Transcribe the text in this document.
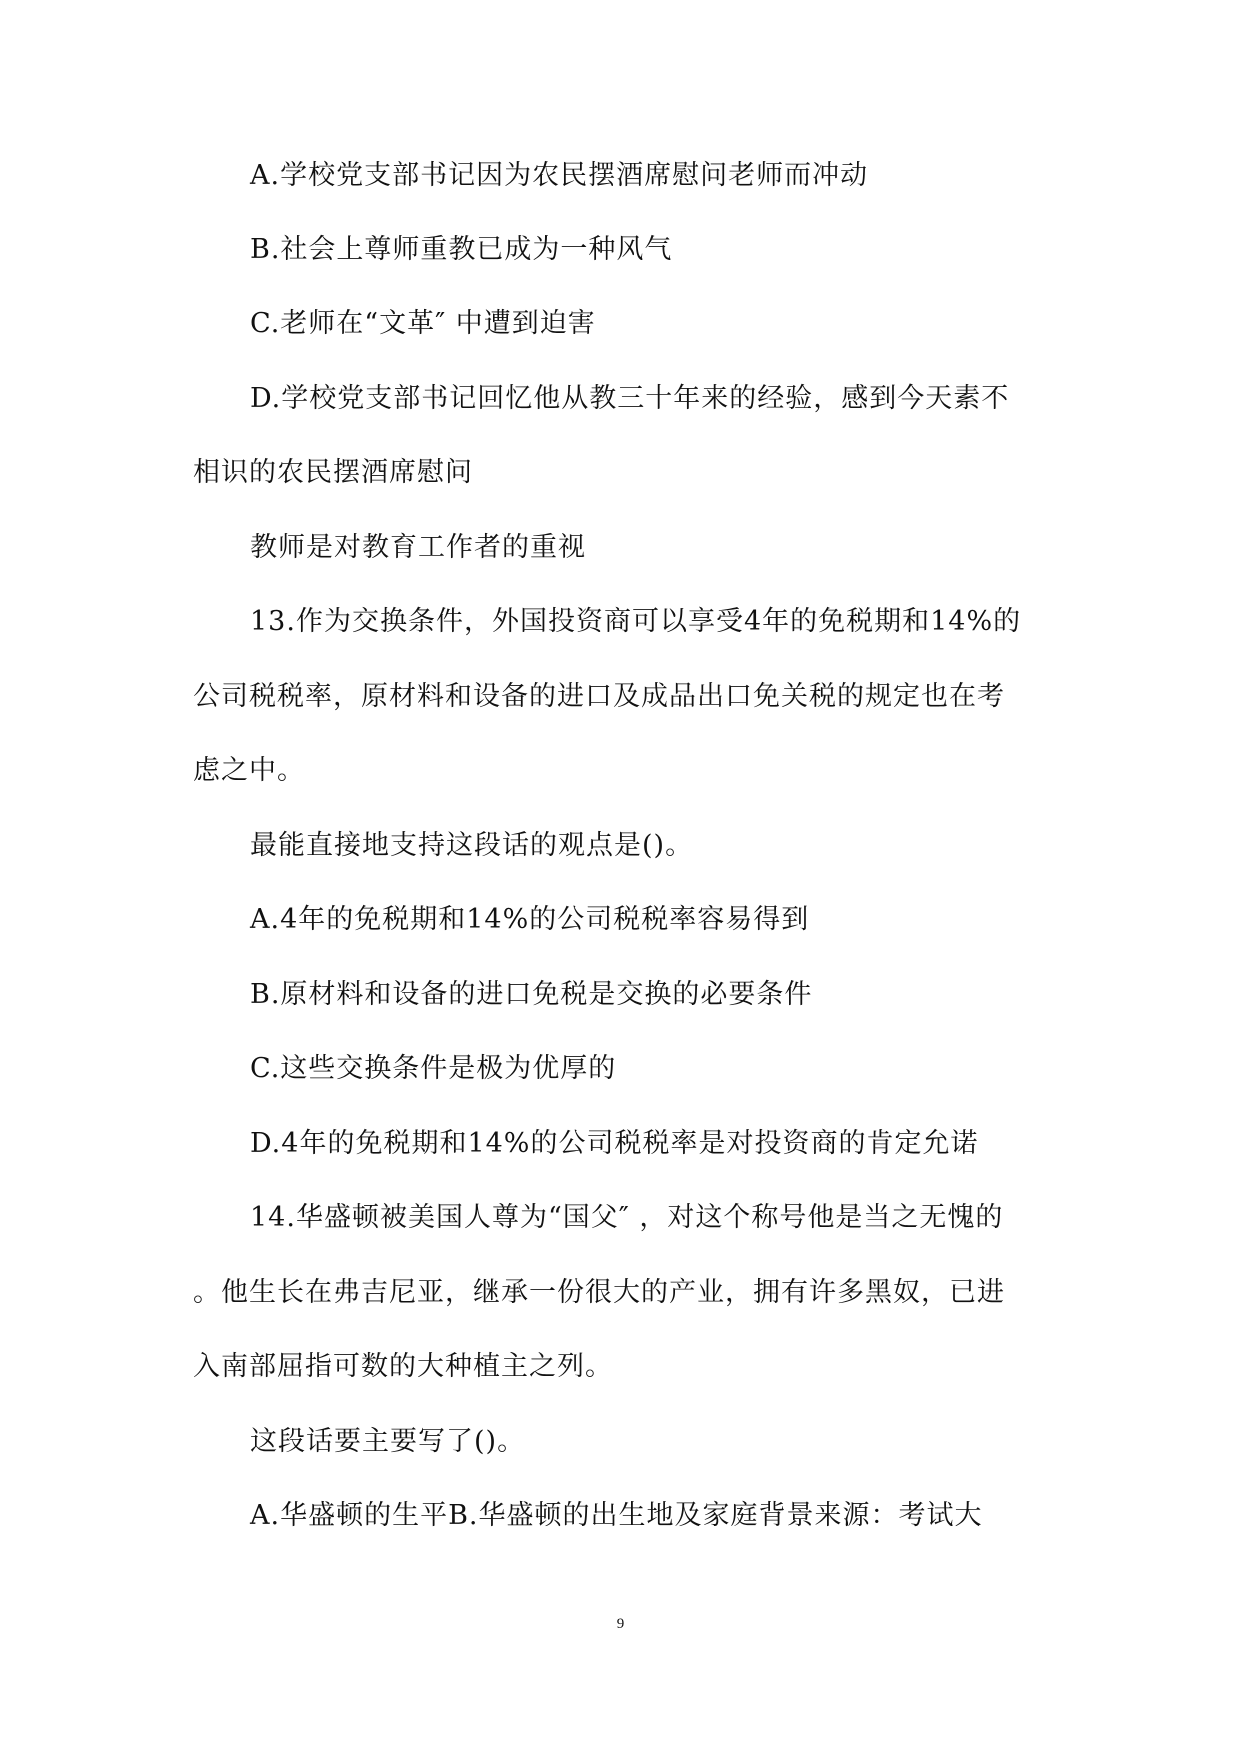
A.学校党支部书记因为农民摆酒席慰问老师而冲动
B.社会上尊师重教已成为一种风气
C.老师在“文革″ 中遭到迫害
D.学校党支部书记回忆他从教三十年来的经验，感到今天素不
相识的农民摆酒席慰问
教师是对教育工作者的重视
13.作为交换条件，外国投资商可以享受4年的免税期和14%的
公司税税率，原材料和设备的进口及成品出口免关税的规定也在考
虑之中。
最能直接地支持这段话的观点是()。
A.4年的免税期和14%的公司税税率容易得到
B.原材料和设备的进口免税是交换的必要条件
C.这些交换条件是极为优厚的
D.4年的免税期和14%的公司税税率是对投资商的肯定允诺
14.华盛顿被美国人尊为“国父″ ，对这个称号他是当之无愧的
。他生长在弗吉尼亚，继承一份很大的产业，拥有许多黑奴，已进
入南部屈指可数的大种植主之列。
这段话要主要写了()。
A.华盛顿的生平B.华盛顿的出生地及家庭背景来源：考试大
9
